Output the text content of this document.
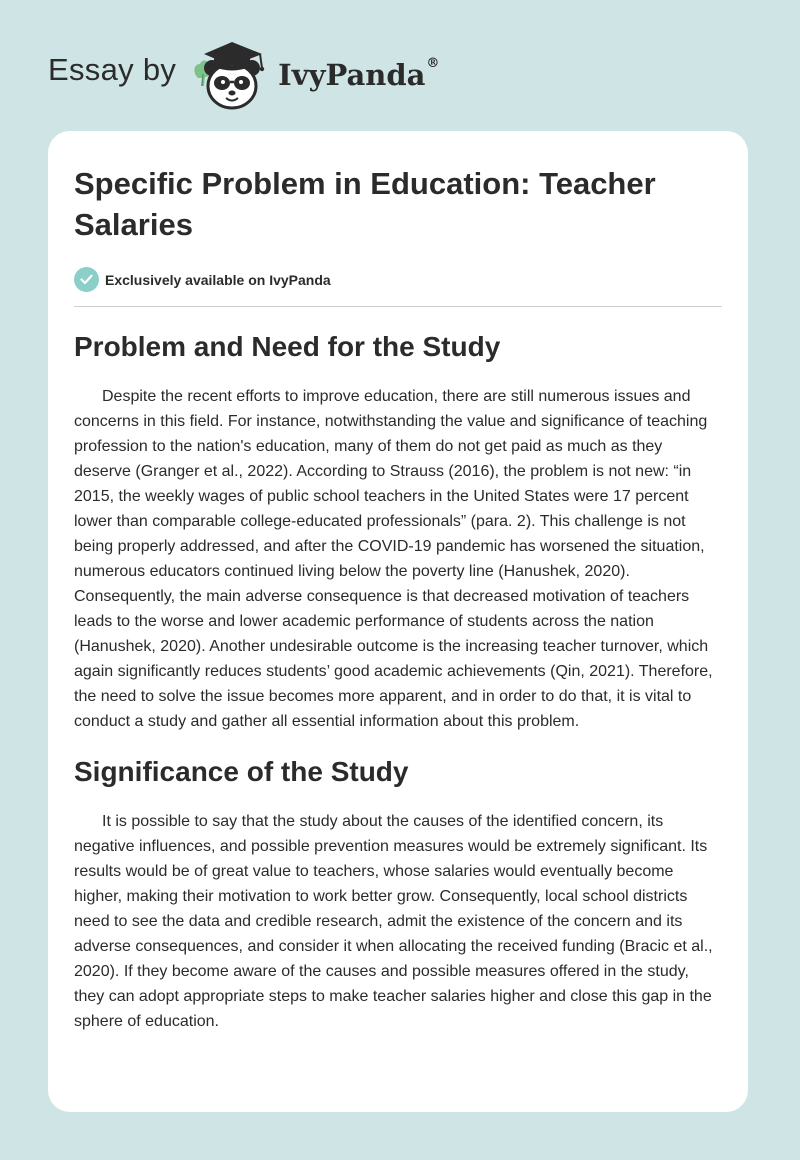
Essay by	IvyPanda®
Specific Problem in Education: Teacher Salaries
Exclusively available on IvyPanda
Problem and Need for the Study

Despite the recent efforts to improve education, there are still numerous issues and concerns in this field. For instance, notwithstanding the value and significance of teaching profession to the nation's education, many of them do not get paid as much as they deserve (Granger et al., 2022). According to Strauss (2016), the problem is not new: “in 2015, the weekly wages of public school teachers in the United States were 17 percent lower than comparable college-educated professionals” (para. 2). This challenge is not being properly addressed, and after the COVID-19 pandemic has worsened the situation, numerous educators continued living below the poverty line (Hanushek, 2020). Consequently, the main adverse consequence is that decreased motivation of teachers leads to the worse and lower academic performance of students across the nation (Hanushek, 2020). Another undesirable outcome is the increasing teacher turnover, which again significantly reduces students’ good academic achievements (Qin, 2021). Therefore, the need to solve the issue becomes more apparent, and in order to do that, it is vital to conduct a study and gather all essential information about this problem.

Significance of the Study

It is possible to say that the study about the causes of the identified concern, its negative influences, and possible prevention measures would be extremely significant. Its results would be of great value to teachers, whose salaries would eventually become higher, making their motivation to work better grow. Consequently, local school districts need to see the data and credible research, admit the existence of the concern and its adverse consequences, and consider it when allocating the received funding (Bracic et al., 2020). If they become aware of the causes and possible measures offered in the study, they can adopt appropriate steps to make teacher salaries higher and close this gap in the sphere of education.
